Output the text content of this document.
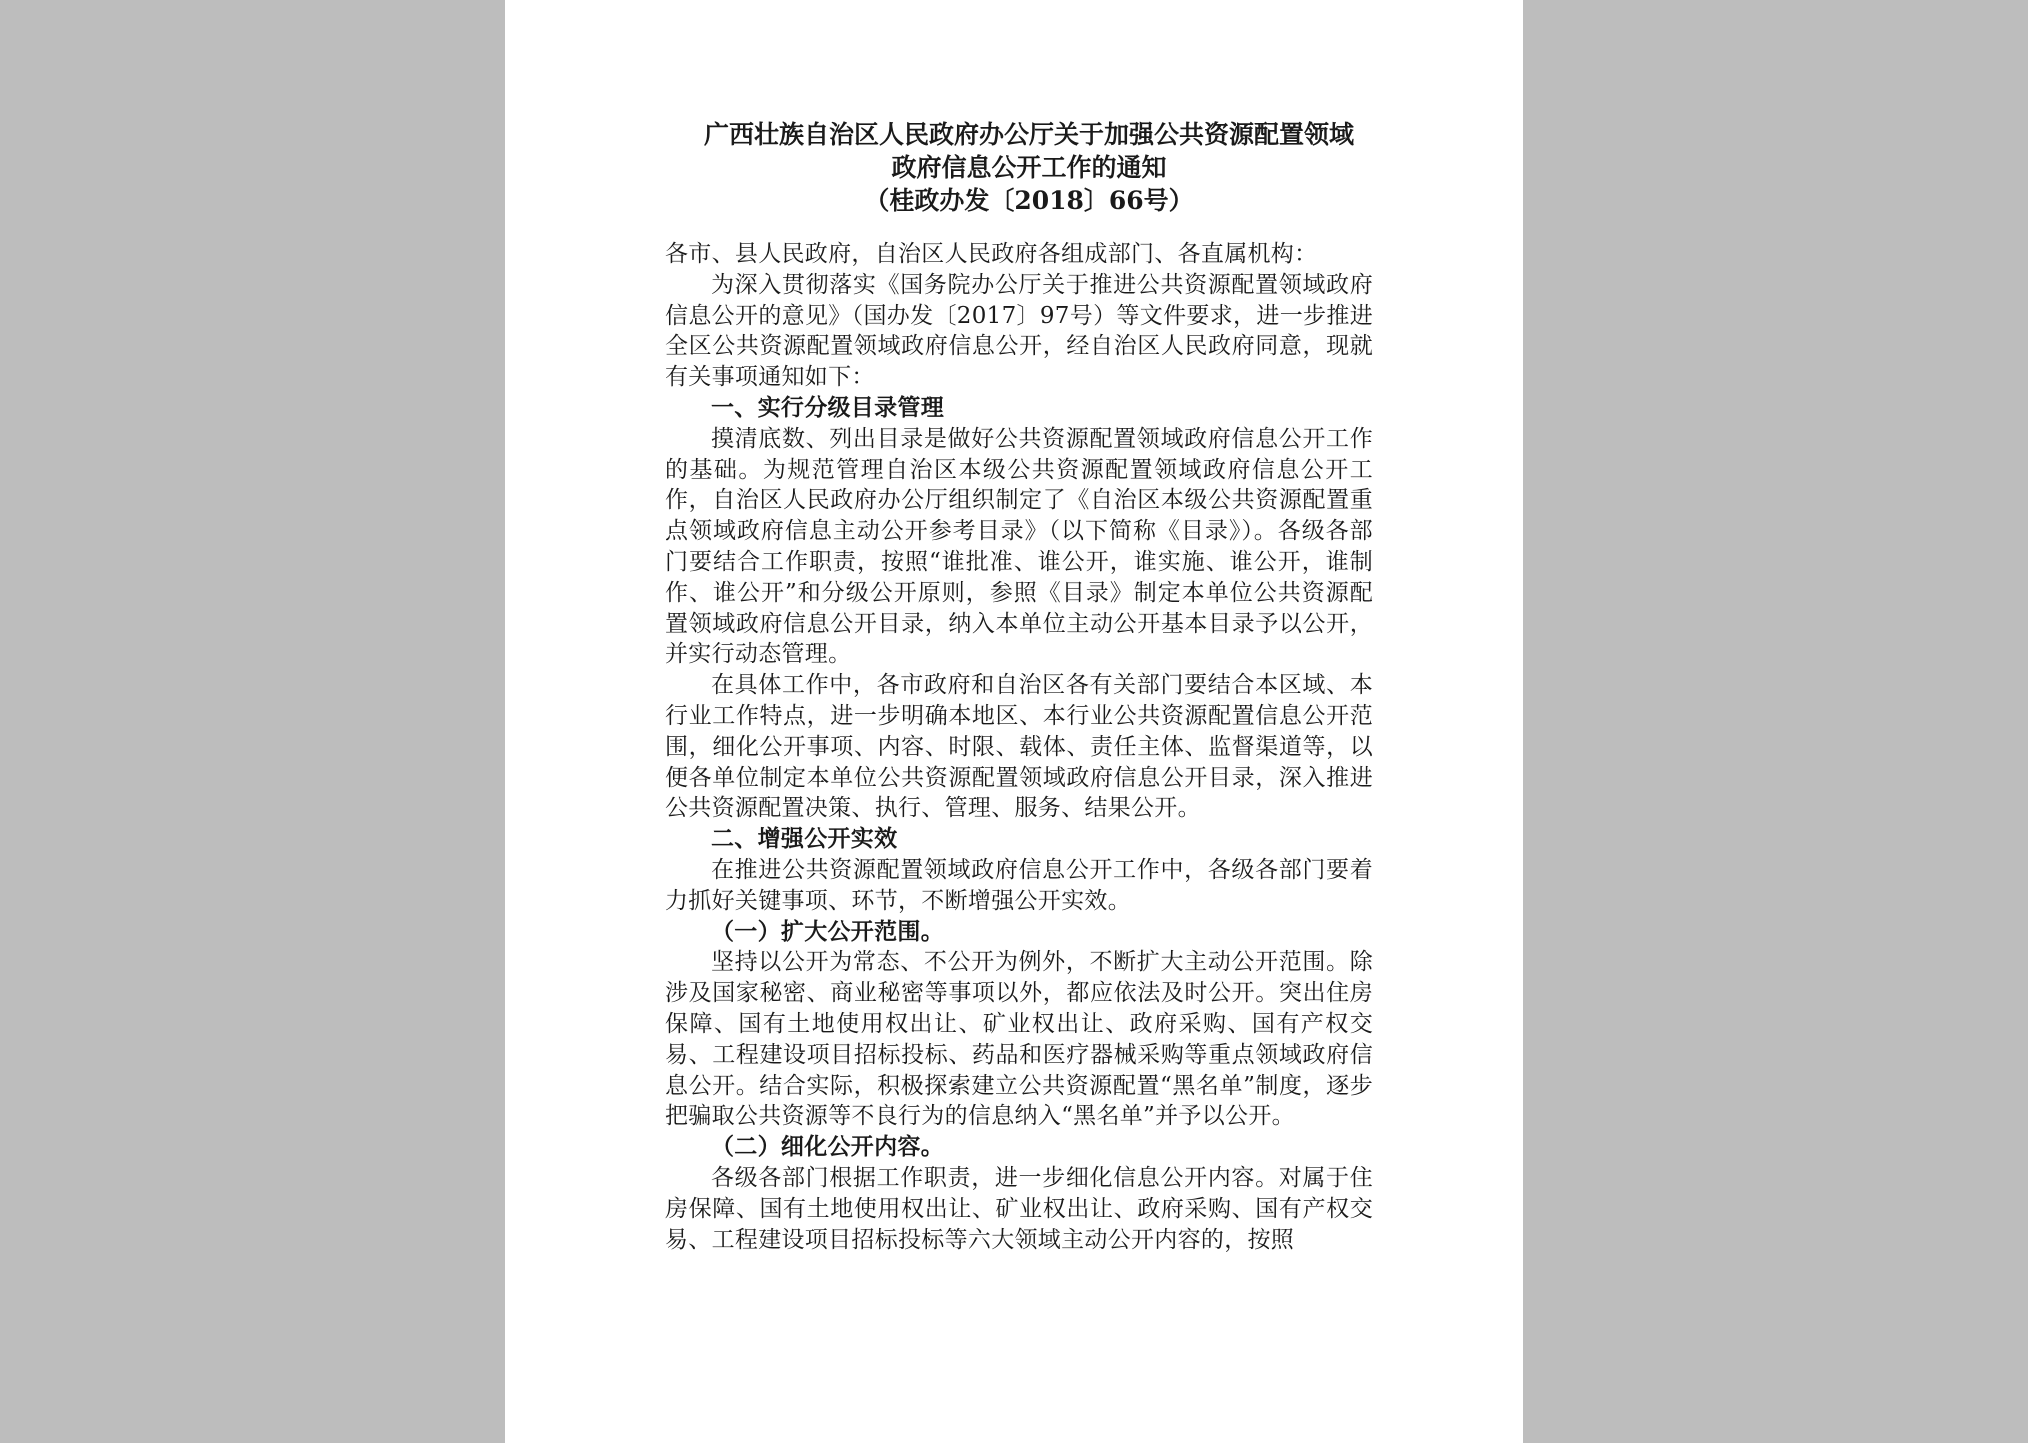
广西壮族自治区人民政府办公厅关于加强公共资源配置领域

政府信息公开工作的通知

（桂政办发〔2018〕66号）

各市、县人民政府，自治区人民政府各组成部门、各直属机构：

为深入贯彻落实《国务院办公厅关于推进公共资源配置领域政府信息公开的意见》（国办发〔2017〕97号）等文件要求，进一步推进全区公共资源配置领域政府信息公开，经自治区人民政府同意，现就有关事项通知如下：

一、实行分级目录管理

摸清底数、列出目录是做好公共资源配置领域政府信息公开工作的基础。为规范管理自治区本级公共资源配置领域政府信息公开工作，自治区人民政府办公厅组织制定了《自治区本级公共资源配置重点领域政府信息主动公开参考目录》（以下简称《目录》）。各级各部门要结合工作职责，按照“谁批准、谁公开，谁实施、谁公开，谁制作、谁公开”和分级公开原则，参照《目录》制定本单位公共资源配置领域政府信息公开目录，纳入本单位主动公开基本目录予以公开，并实行动态管理。

在具体工作中，各市政府和自治区各有关部门要结合本区域、本行业工作特点，进一步明确本地区、本行业公共资源配置信息公开范围，细化公开事项、内容、时限、载体、责任主体、监督渠道等，以便各单位制定本单位公共资源配置领域政府信息公开目录，深入推进公共资源配置决策、执行、管理、服务、结果公开。

二、增强公开实效

在推进公共资源配置领域政府信息公开工作中，各级各部门要着力抓好关键事项、环节，不断增强公开实效。

（一）扩大公开范围。

坚持以公开为常态、不公开为例外，不断扩大主动公开范围。除涉及国家秘密、商业秘密等事项以外，都应依法及时公开。突出住房保障、国有土地使用权出让、矿业权出让、政府采购、国有产权交易、工程建设项目招标投标、药品和医疗器械采购等重点领域政府信息公开。结合实际，积极探索建立公共资源配置“黑名单”制度，逐步把骗取公共资源等不良行为的信息纳入“黑名单”并予以公开。

（二）细化公开内容。

各级各部门根据工作职责，进一步细化信息公开内容。对属于住房保障、国有土地使用权出让、矿业权出让、政府采购、国有产权交易、工程建设项目招标投标等六大领域主动公开内容的，按照
